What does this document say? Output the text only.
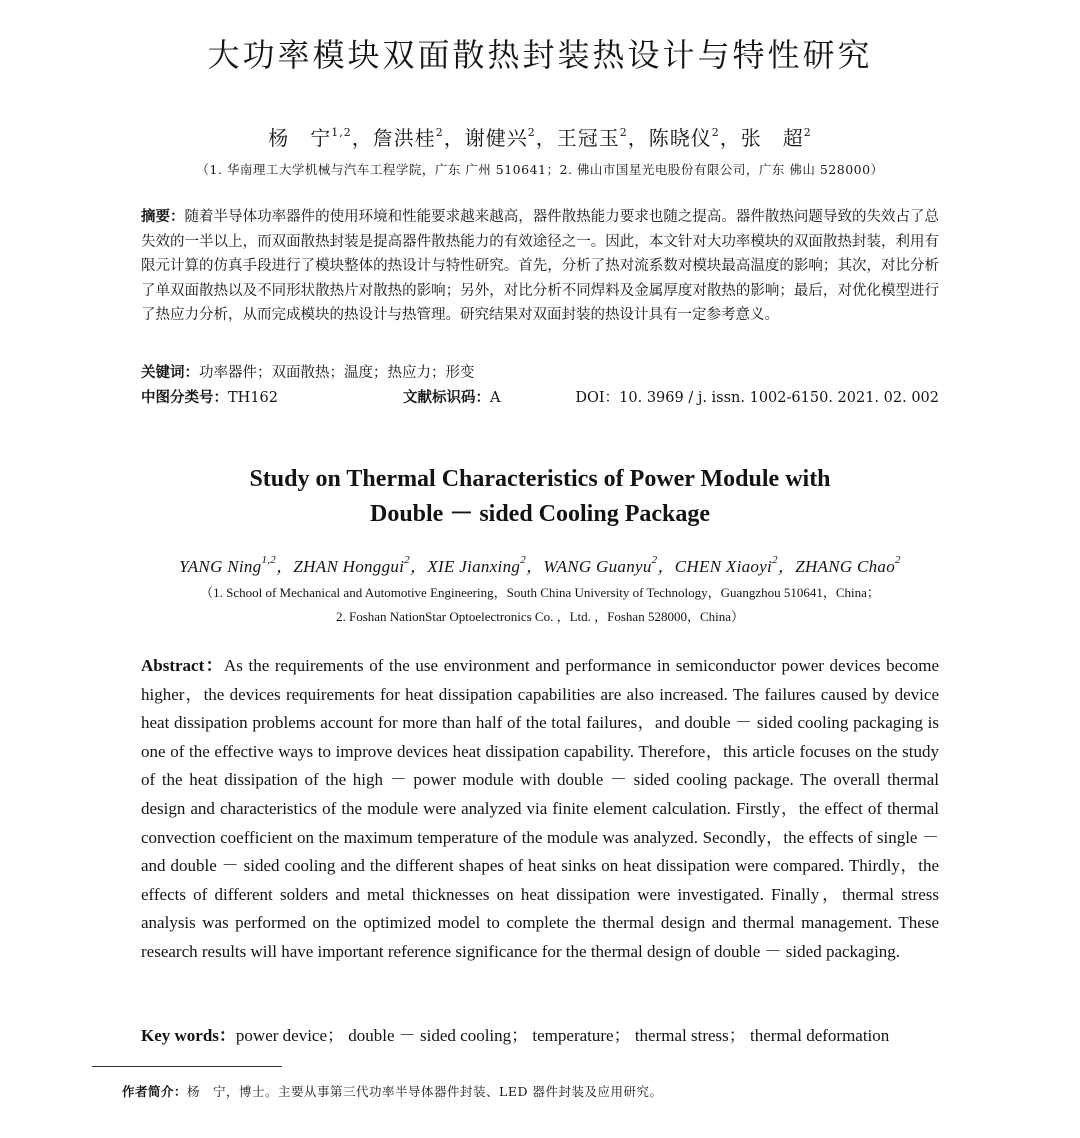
大功率模块双面散热封装热设计与特性研究
杨　宁$^{1,2}$，詹洪桂$^2$，谢健兴$^2$，王冠玉$^2$，陈晓仪$^2$，张　超$^2$
（1. 华南理工大学机械与汽车工程学院，广东 广州 510641；2. 佛山市国星光电股份有限公司，广东 佛山 528000）

摘要：随着半导体功率器件的使用环境和性能要求越来越高，器件散热能力要求也随之提高。器件散热问题导致的失效占了总失效的一半以上，而双面散热封装是提高器件散热能力的有效途径之一。因此，本文针对大功率模块的双面散热封装，利用有限元计算的仿真手段进行了模块整体的热设计与特性研究。首先，分析了热对流系数对模块最高温度的影响；其次，对比分析了单双面散热以及不同形状散热片对散热的影响；另外，对比分析不同焊料及金属厚度对散热的影响；最后，对优化模型进行了热应力分析，从而完成模块的热设计与热管理。研究结果对双面封装的热设计具有一定参考意义。

关键词：功率器件；双面散热；温度；热应力；形变

中图分类号：TH162	文献标识码：A	DOI：10. 3969 / j. issn. 1002-6150. 2021. 02. 002
Study on Thermal Characteristics of Power Module with
Double － sided Cooling Package
YANG Ning$^{1,2}$，ZHAN Honggui$^2$，XIE Jianxing$^2$，WANG Guanyu$^2$，CHEN Xiaoyi$^2$，ZHANG Chao$^2$
（1. School of Mechanical and Automotive Engineering，South China University of Technology，Guangzhou 510641，China；
2. Foshan NationStar Optoelectronics Co. ，Ltd. ，Foshan 528000，China）

Abstract：As the requirements of the use environment and performance in semiconductor power devices become higher，the devices requirements for heat dissipation capabilities are also increased. The failures caused by device heat dissipation problems account for more than half of the total failures，and double － sided cooling packaging is one of the effective ways to improve devices heat dissipation capability. Therefore，this article focuses on the study of the heat dissipation of the high － power module with double － sided cooling package. The overall thermal design and characteristics of the module were analyzed via finite element calculation. Firstly，the effect of thermal convection coefficient on the maximum temperature of the module was analyzed. Secondly，the effects of single － and double － sided cooling and the different shapes of heat sinks on heat dissipation were compared. Thirdly，the effects of different solders and metal thicknesses on heat dissipation were investigated. Finally，thermal stress analysis was performed on the optimized model to complete the thermal design and thermal management. These research results will have important reference significance for the thermal design of double － sided packaging.

Key words：power device； double － sided cooling； temperature； thermal stress； thermal deformation

作者简介：杨　宁，博士。主要从事第三代功率半导体器件封装、LED 器件封装及应用研究。
